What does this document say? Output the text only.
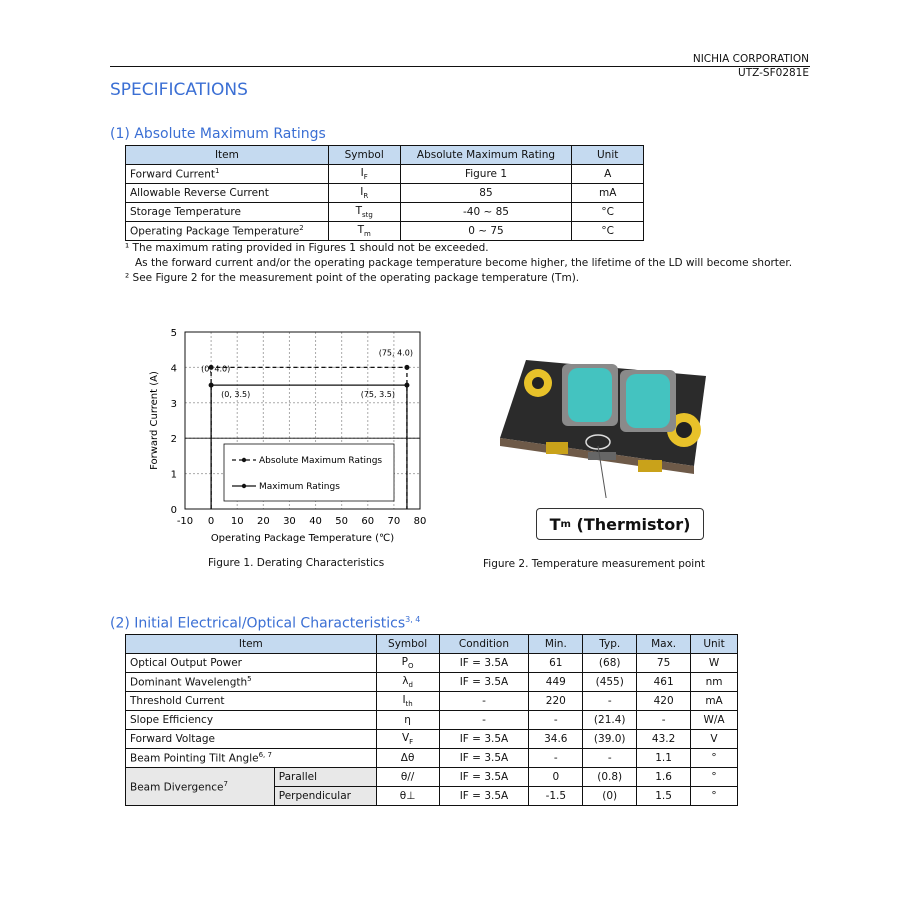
NICHIA CORPORATION
UTZ-SF0281E
SPECIFICATIONS
(1) Absolute Maximum Ratings
Item	Symbol	Absolute Maximum Rating	Unit
Forward Current$^1$	$I_F$	Figure 1	A
Allowable Reverse Current	$I_R$	85	mA
Storage Temperature	$T_{stg}$	-40 ~ 85	°C
Operating Package Temperature$^2$	$T_m$	0 ~ 75	°C
¹ The maximum rating provided in Figures 1 should not be exceeded.
As the forward current and/or the operating package temperature become higher, the lifetime of the LD will become shorter.
² See Figure 2 for the measurement point of the operating package temperature (Tm).
-10 0 10 20 30 40 50 60 70 80
0
1
2
3
4
5
(0, 4.0)
(75, 4.0)
(0, 3.5)	(75, 3.5)
Absolute Maximum Ratings
Maximum Ratings
Operating Package Temperature (℃)
Forward Current (A)
Figure 1. Derating Characteristics
T m (Thermistor)
Figure 2. Temperature measurement point
(2) Initial Electrical/Optical Characteristics$^{3, 4}$
Item		Symbol	Condition	Min.	Typ.	Max.	Unit
Optical Output Power		$P_O$	IF = 3.5A	61	(68)	75	W
Dominant Wavelength$^5$		$\lambda_d$	IF = 3.5A	449	(455)	461	nm
Threshold Current		$I_{th}$	-	220	-	420	mA
Slope Efficiency		η	-	-	(21.4)	-	W/A
Forward Voltage		$V_F$	IF = 3.5A	34.6	(39.0)	43.2	V
Beam Pointing Tilt Angle$^{6, 7}$		Δθ	IF = 3.5A	-	-	1.1	°
Beam Divergence$^7$	Parallel	θ//	IF = 3.5A	0	(0.8)	1.6	°
	Perpendicular	θ⊥	IF = 3.5A	-1.5	(0)	1.5	°
